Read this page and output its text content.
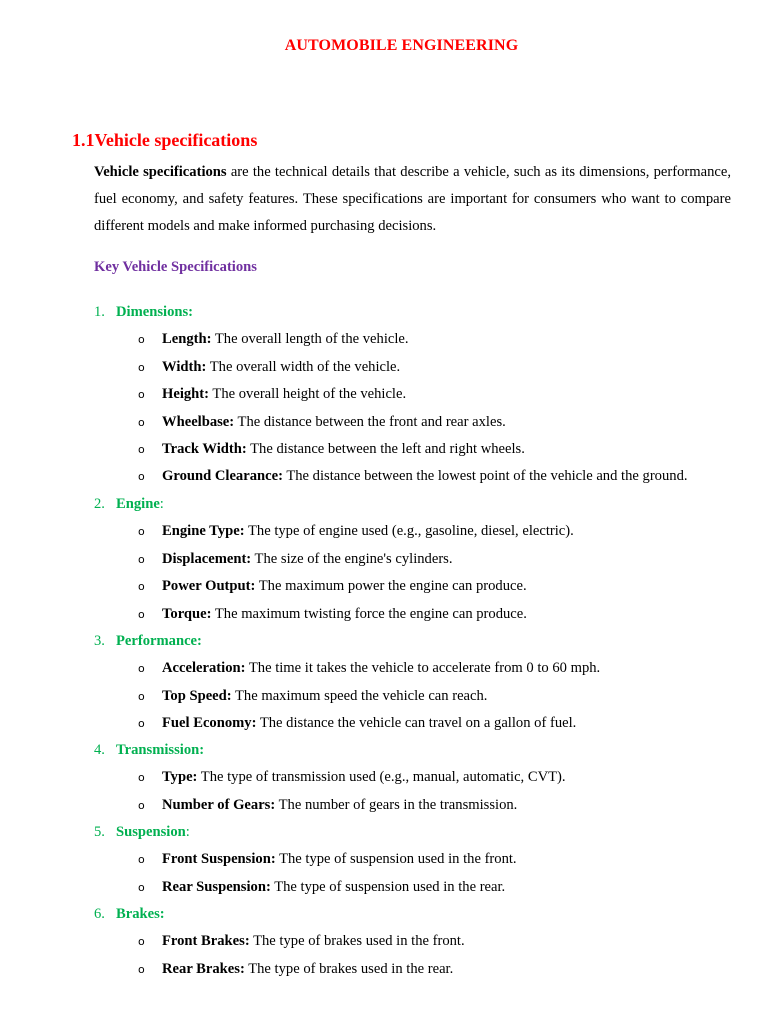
AUTOMOBILE ENGINEERING
1.1Vehicle specifications
Vehicle specifications are the technical details that describe a vehicle, such as its dimensions, performance, fuel economy, and safety features. These specifications are important for consumers who want to compare different models and make informed purchasing decisions.
Key Vehicle Specifications
1. Dimensions:
o Length: The overall length of the vehicle.
o Width: The overall width of the vehicle.
o Height: The overall height of the vehicle.
o Wheelbase: The distance between the front and rear axles.
o Track Width: The distance between the left and right wheels.
o Ground Clearance: The distance between the lowest point of the vehicle and the ground.
2. Engine:
o Engine Type: The type of engine used (e.g., gasoline, diesel, electric).
o Displacement: The size of the engine's cylinders.
o Power Output: The maximum power the engine can produce.
o Torque: The maximum twisting force the engine can produce.
3. Performance:
o Acceleration: The time it takes the vehicle to accelerate from 0 to 60 mph.
o Top Speed: The maximum speed the vehicle can reach.
o Fuel Economy: The distance the vehicle can travel on a gallon of fuel.
4. Transmission:
o Type: The type of transmission used (e.g., manual, automatic, CVT).
o Number of Gears: The number of gears in the transmission.
5. Suspension:
o Front Suspension: The type of suspension used in the front.
o Rear Suspension: The type of suspension used in the rear.
6. Brakes:
o Front Brakes: The type of brakes used in the front.
o Rear Brakes: The type of brakes used in the rear.
